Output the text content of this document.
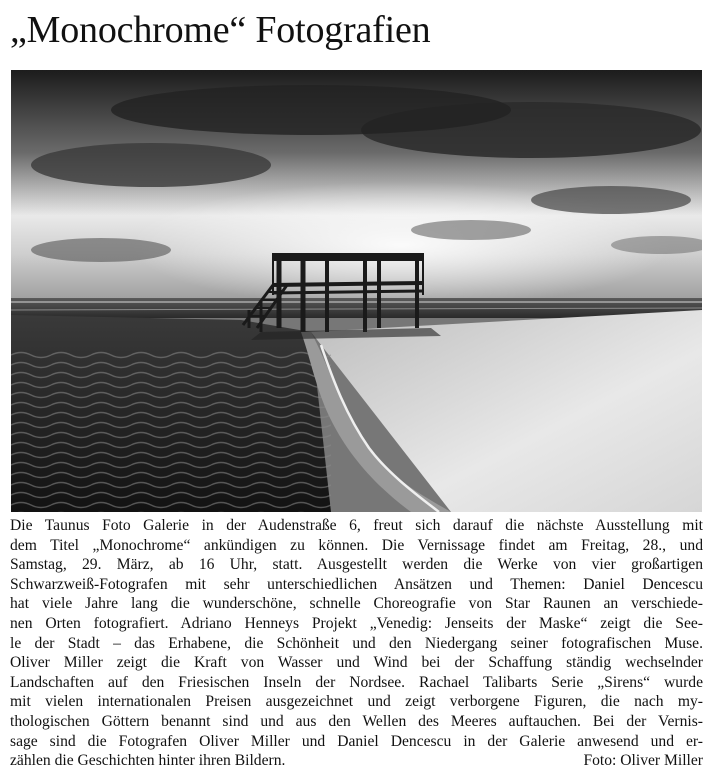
„Monochrome“ Fotografien
Die Taunus Foto Galerie in der Audenstraße 6, freut sich darauf die nächste Ausstellung mit
dem Titel „Monochrome“ ankündigen zu können. Die Vernissage findet am Freitag, 28., und
Samstag, 29. März, ab 16 Uhr, statt. Ausgestellt werden die Werke von vier großartigen
Schwarzweiß-Fotografen mit sehr unterschiedlichen Ansätzen und Themen: Daniel Dencescu
hat viele Jahre lang die wunderschöne, schnelle Choreografie von Star Raunen an verschiede-
nen Orten fotografiert. Adriano Henneys Projekt „Venedig: Jenseits der Maske“ zeigt die See-
le der Stadt – das Erhabene, die Schönheit und den Niedergang seiner fotografischen Muse.
Oliver Miller zeigt die Kraft von Wasser und Wind bei der Schaffung ständig wechselnder
Landschaften auf den Friesischen Inseln der Nordsee. Rachael Talibarts Serie „Sirens“ wurde
mit vielen internationalen Preisen ausgezeichnet und zeigt verborgene Figuren, die nach my-
thologischen Göttern benannt sind und aus den Wellen des Meeres auftauchen. Bei der Vernis-
sage sind die Fotografen Oliver Miller und Daniel Dencescu in der Galerie anwesend und er-
zählen die Geschichten hinter ihren Bildern.	Foto: Oliver Miller
